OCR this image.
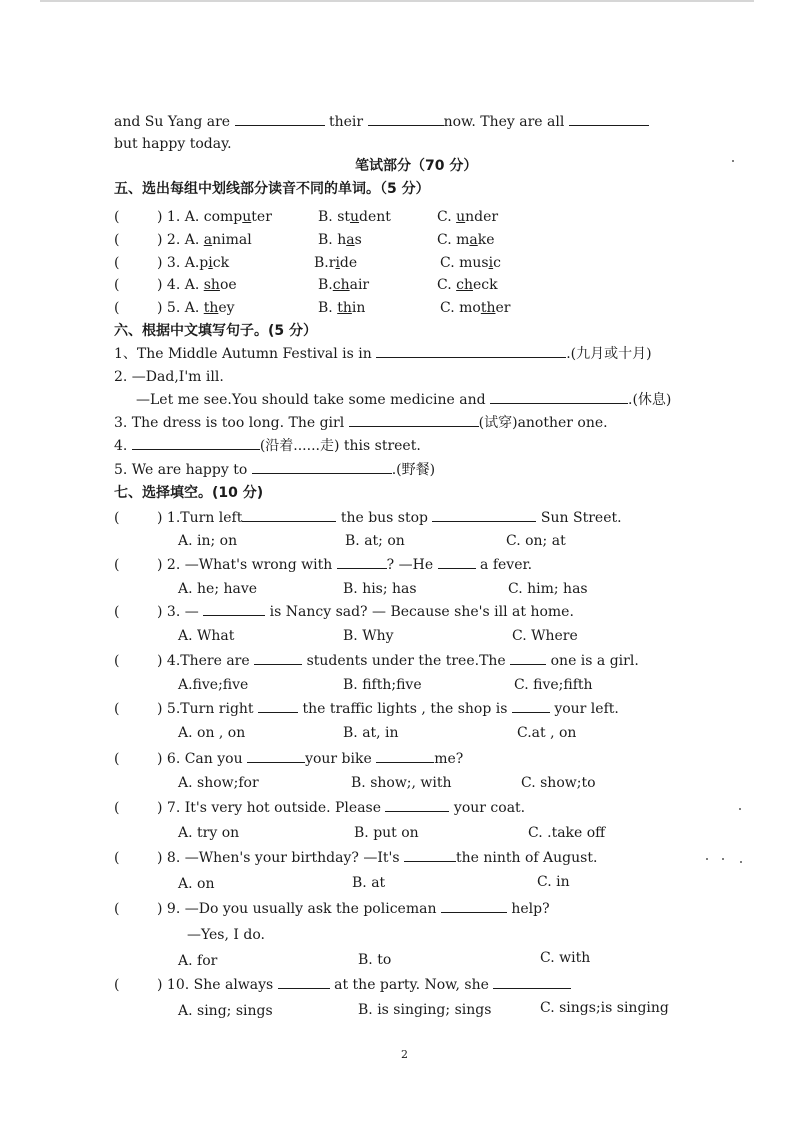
and Su Yang are	their	now. They are all
but happy today.
笔试部分（70 分）
五、选出每组中划线部分读音不同的单词。（5 分）
(	) 1. A. computer	B. student	C. under
(	) 2. A. animal	B. has	C. make
(	) 3. A.pick	B.ride	C. music
(	) 4. A. shoe	B.chair	C. check
(	) 5. A. they	B. thin	C. mother
六、根据中文填写句子。(5 分）
1、The Middle Autumn Festival is in	.(九月或十月)
2. —Dad,I'm ill.
—Let me see.You should take some medicine and	.(休息)
3. The dress is too long. The girl	(试穿)another one.
4.	(沿着......走) this street.
5. We are happy to	.(野餐)
七、选择填空。(10 分)
(	) 1.Turn left	the bus stop	Sun Street.
A. in; on	B. at; on	C. on; at
(	) 2. —What's wrong with	? —He	a fever.
A. he; have	B. his; has	C. him; has
(	) 3. —	is Nancy sad? — Because she's ill at home.
A. What	B. Why	C. Where
(	) 4.There are	students under the tree.The	one is a girl.
A.five;five	B. fifth;five	C. five;fifth
(	) 5.Turn right	the traffic lights , the shop is	your left.
A. on , on	B. at, in	C.at , on
(	) 6. Can you	your bike	me?
A. show;for	B. show;, with	C. show;to
(	) 7. It's very hot outside. Please	your coat.
A. try on	B. put on	C. .take off
(	) 8. —When's your birthday? —It's	the ninth of August.
A. on	B. at	C. in
(	) 9. —Do you usually ask the policeman	help?
—Yes, I do.
A. for	B. to	C. with
(	) 10. She always	at the party. Now, she
A. sing; sings	B. is singing; sings	C. sings;is singing
2
